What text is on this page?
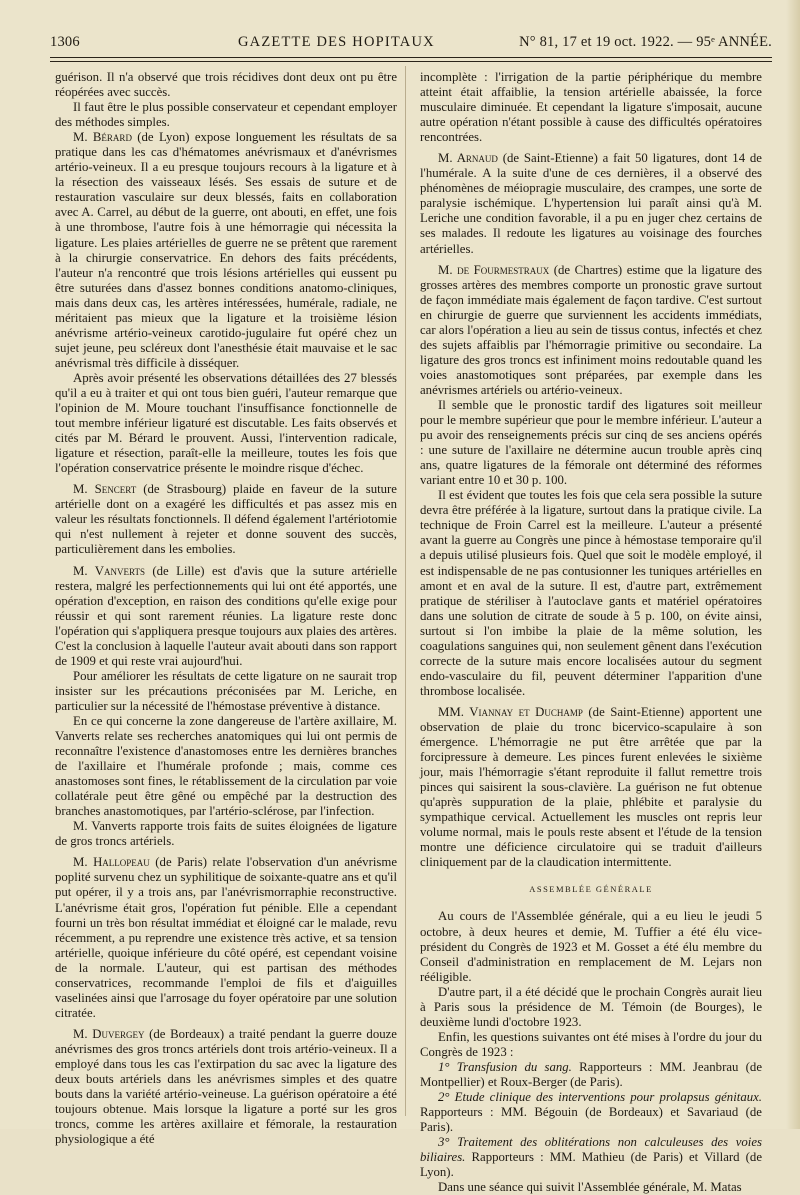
1306	GAZETTE DES HOPITAUX	N° 81, 17 et 19 oct. 1922. — 95ᵉ ANNÉE.

guérison. Il n'a observé que trois récidives dont deux ont pu être réopérées avec succès.

Il faut être le plus possible conservateur et cependant employer des méthodes simples.

M. Bérard (de Lyon) expose longuement les résultats de sa pratique dans les cas d'hématomes anévrismaux et d'anévrismes artério-veineux. Il a eu presque toujours recours à la ligature et à la résection des vaisseaux lésés. Ses essais de suture et de restauration vasculaire sur deux blessés, faits en collaboration avec A. Carrel, au début de la guerre, ont abouti, en effet, une fois à une thrombose, l'autre fois à une hémorragie qui nécessita la ligature. Les plaies artérielles de guerre ne se prêtent que rarement à la chirurgie conservatrice. En dehors des faits précédents, l'auteur n'a rencontré que trois lésions artérielles qui eussent pu être suturées dans d'assez bonnes conditions anatomo-cliniques, mais dans deux cas, les artères intéressées, humérale, radiale, ne méritaient pas mieux que la ligature et la troisième lésion anévrisme artério-veineux carotido-jugulaire fut opéré chez un sujet jeune, peu scléreux dont l'anesthésie était mauvaise et le sac anévrismal très difficile à disséquer.

Après avoir présenté les observations détaillées des 27 blessés qu'il a eu à traiter et qui ont tous bien guéri, l'auteur remarque que l'opinion de M. Moure touchant l'insuffisance fonctionnelle de tout membre inférieur ligaturé est discutable. Les faits observés et cités par M. Bérard le prouvent. Aussi, l'intervention radicale, ligature et résection, paraît-elle la meilleure, toutes les fois que l'opération conservatrice présente le moindre risque d'échec.

M. Sencert (de Strasbourg) plaide en faveur de la suture artérielle dont on a exagéré les difficultés et pas assez mis en valeur les résultats fonctionnels. Il défend également l'artériotomie qui n'est nullement à rejeter et donne souvent des succès, particulièrement dans les embolies.

M. Vanverts (de Lille) est d'avis que la suture artérielle restera, malgré les perfectionnements qui lui ont été apportés, une opération d'exception, en raison des conditions qu'elle exige pour réussir et qui sont rarement réunies. La ligature reste donc l'opération qui s'appliquera presque toujours aux plaies des artères. C'est la conclusion à laquelle l'auteur avait abouti dans son rapport de 1909 et qui reste vrai aujourd'hui.

Pour améliorer les résultats de cette ligature on ne saurait trop insister sur les précautions préconisées par M. Leriche, en particulier sur la nécessité de l'hémostase préventive à distance.

En ce qui concerne la zone dangereuse de l'artère axillaire, M. Vanverts relate ses recherches anatomiques qui lui ont permis de reconnaître l'existence d'anastomoses entre les dernières branches de l'axillaire et l'humérale profonde ; mais, comme ces anastomoses sont fines, le rétablissement de la circulation par voie collatérale peut être gêné ou empêché par la destruction des branches anastomotiques, par l'artério-sclérose, par l'infection.

M. Vanverts rapporte trois faits de suites éloignées de ligature de gros troncs artériels.

M. Hallopeau (de Paris) relate l'observation d'un anévrisme poplité survenu chez un syphilitique de soixante-quatre ans et qu'il put opérer, il y a trois ans, par l'anévrismorraphie reconstructive. L'anévrisme était gros, l'opération fut pénible. Elle a cependant fourni un très bon résultat immédiat et éloigné car le malade, revu récemment, a pu reprendre une existence très active, et sa tension artérielle, quoique inférieure du côté opéré, est cependant voisine de la normale. L'auteur, qui est partisan des méthodes conservatrices, recommande l'emploi de fils et d'aiguilles vaselinées ainsi que l'arrosage du foyer opératoire par une solution citratée.

M. Duvergey (de Bordeaux) a traité pendant la guerre douze anévrismes des gros troncs artériels dont trois artério-veineux. Il a employé dans tous les cas l'extirpation du sac avec la ligature des deux bouts artériels dans les anévrismes simples et des quatre bouts dans la variété artério-veineuse. La guérison opératoire a été toujours obtenue. Mais lorsque la ligature a porté sur les gros troncs, comme les artères axillaire et fémorale, la restauration physiologique a été

incomplète : l'irrigation de la partie périphérique du membre atteint était affaiblie, la tension artérielle abaissée, la force musculaire diminuée. Et cependant la ligature s'imposait, aucune autre opération n'étant possible à cause des difficultés opératoires rencontrées.

M. Arnaud (de Saint-Etienne) a fait 50 ligatures, dont 14 de l'humérale. A la suite d'une de ces dernières, il a observé des phénomènes de méiopragie musculaire, des crampes, une sorte de paralysie ischémique. L'hypertension lui paraît ainsi qu'à M. Leriche une condition favorable, il a pu en juger chez certains de ses malades. Il redoute les ligatures au voisinage des fourches artérielles.

M. de Fourmestraux (de Chartres) estime que la ligature des grosses artères des membres comporte un pronostic grave surtout de façon immédiate mais également de façon tardive. C'est surtout en chirurgie de guerre que surviennent les accidents immédiats, car alors l'opération a lieu au sein de tissus contus, infectés et chez des sujets affaiblis par l'hémorragie primitive ou secondaire. La ligature des gros troncs est infiniment moins redoutable quand les voies anastomotiques sont préparées, par exemple dans les anévrismes artériels ou artério-veineux.

Il semble que le pronostic tardif des ligatures soit meilleur pour le membre supérieur que pour le membre inférieur. L'auteur a pu avoir des renseignements précis sur cinq de ses anciens opérés : une suture de l'axillaire ne détermine aucun trouble après cinq ans, quatre ligatures de la fémorale ont déterminé des réformes variant entre 10 et 30 p. 100.

Il est évident que toutes les fois que cela sera possible la suture devra être préférée à la ligature, surtout dans la pratique civile. La technique de Froin Carrel est la meilleure. L'auteur a présenté avant la guerre au Congrès une pince à hémostase temporaire qu'il a depuis utilisé plusieurs fois. Quel que soit le modèle employé, il est indispensable de ne pas contusionner les tuniques artérielles en amont et en aval de la suture. Il est, d'autre part, extrêmement pratique de stériliser à l'autoclave gants et matériel opératoires dans une solution de citrate de soude à 5 p. 100, on évite ainsi, surtout si l'on imbibe la plaie de la même solution, les coagulations sanguines qui, non seulement gênent dans l'exécution correcte de la suture mais encore localisées autour du segment endo-vasculaire du fil, peuvent déterminer l'apparition d'une thrombose localisée.

MM. Viannay et Duchamp (de Saint-Etienne) apportent une observation de plaie du tronc bicervico-scapulaire à son émergence. L'hémorragie ne put être arrêtée que par la forcipressure à demeure. Les pinces furent enlevées le sixième jour, mais l'hémorragie s'étant reproduite il fallut remettre trois pinces qui saisirent la sous-clavière. La guérison ne fut obtenue qu'après suppuration de la plaie, phlébite et paralysie du sympathique cervical. Actuellement les muscles ont repris leur volume normal, mais le pouls reste absent et l'étude de la tension montre une déficience circulatoire qui se traduit d'ailleurs cliniquement par de la claudication intermittente.

ASSEMBLÉE GÉNÉRALE

Au cours de l'Assemblée générale, qui a eu lieu le jeudi 5 octobre, à deux heures et demie, M. Tuffier a été élu vice-président du Congrès de 1923 et M. Gosset a été élu membre du Conseil d'administration en remplacement de M. Lejars non rééligible.

D'autre part, il a été décidé que le prochain Congrès aurait lieu à Paris sous la présidence de M. Témoin (de Bourges), le deuxième lundi d'octobre 1923.

Enfin, les questions suivantes ont été mises à l'ordre du jour du Congrès de 1923 :

1° Transfusion du sang. Rapporteurs : MM. Jeanbrau (de Montpellier) et Roux-Berger (de Paris).

2° Etude clinique des interventions pour prolapsus génitaux. Rapporteurs : MM. Bégouin (de Bordeaux) et Savariaud (de Paris).

3° Traitement des oblitérations non calculeuses des voies biliaires. Rapporteurs : MM. Mathieu (de Paris) et Villard (de Lyon).

Dans une séance qui suivit l'Assemblée générale, M. Matas
